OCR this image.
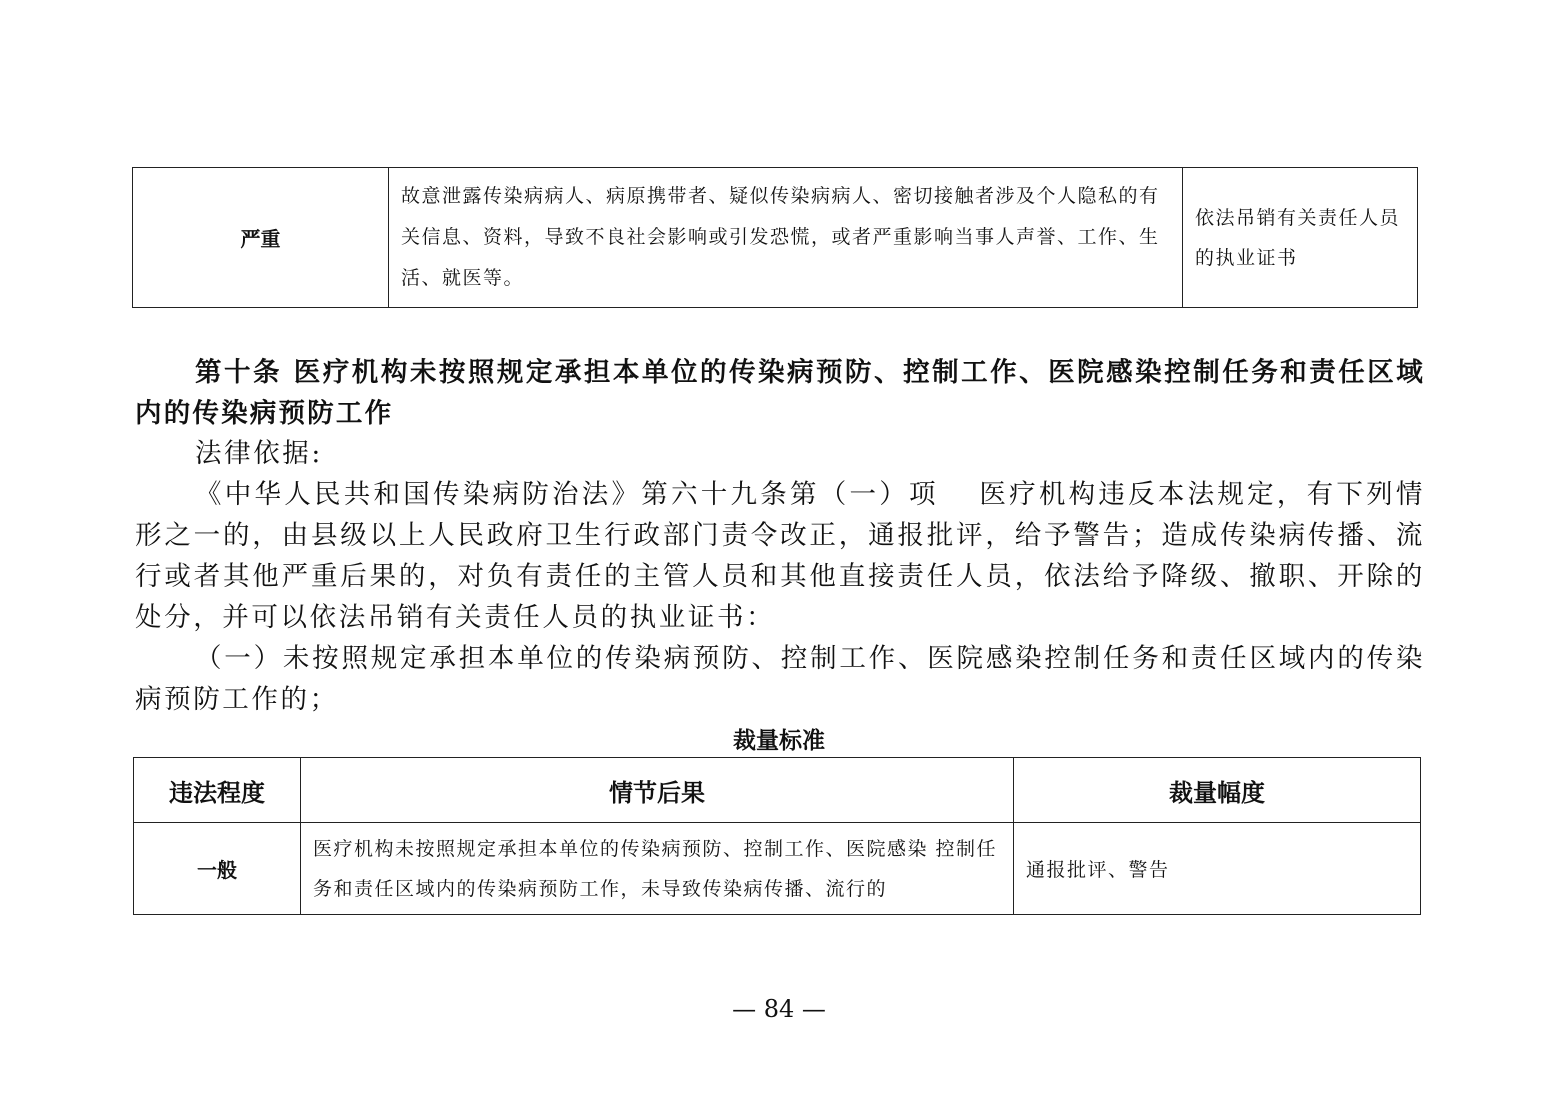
严重	故意泄露传染病病人、病原携带者、疑似传染病病人、密切接触者涉及个人隐私的有关信息、资料，导致不良社会影响或引发恐慌，或者严重影响当事人声誉、工作、生活、就医等。	依法吊销有关责任人员的执业证书
第十条 医疗机构未按照规定承担本单位的传染病预防、控制工作、医院感染控制任务和责任区域内的传染病预防工作

法律依据:

《中华人民共和国传染病防治法》第六十九条第（一）项 医疗机构违反本法规定，有下列情形之一的，由县级以上人民政府卫生行政部门责令改正，通报批评，给予警告；造成传染病传播、流行或者其他严重后果的，对负有责任的主管人员和其他直接责任人员，依法给予降级、撤职、开除的处分，并可以依法吊销有关责任人员的执业证书：

（一）未按照规定承担本单位的传染病预防、控制工作、医院感染控制任务和责任区域内的传染病预防工作的；

裁量标准
违法程度	情节后果	裁量幅度
一般	医疗机构未按照规定承担本单位的传染病预防、控制工作、医院感染 控制任务和责任区域内的传染病预防工作，未导致传染病传播、流行的	通报批评、警告
— 84 —
